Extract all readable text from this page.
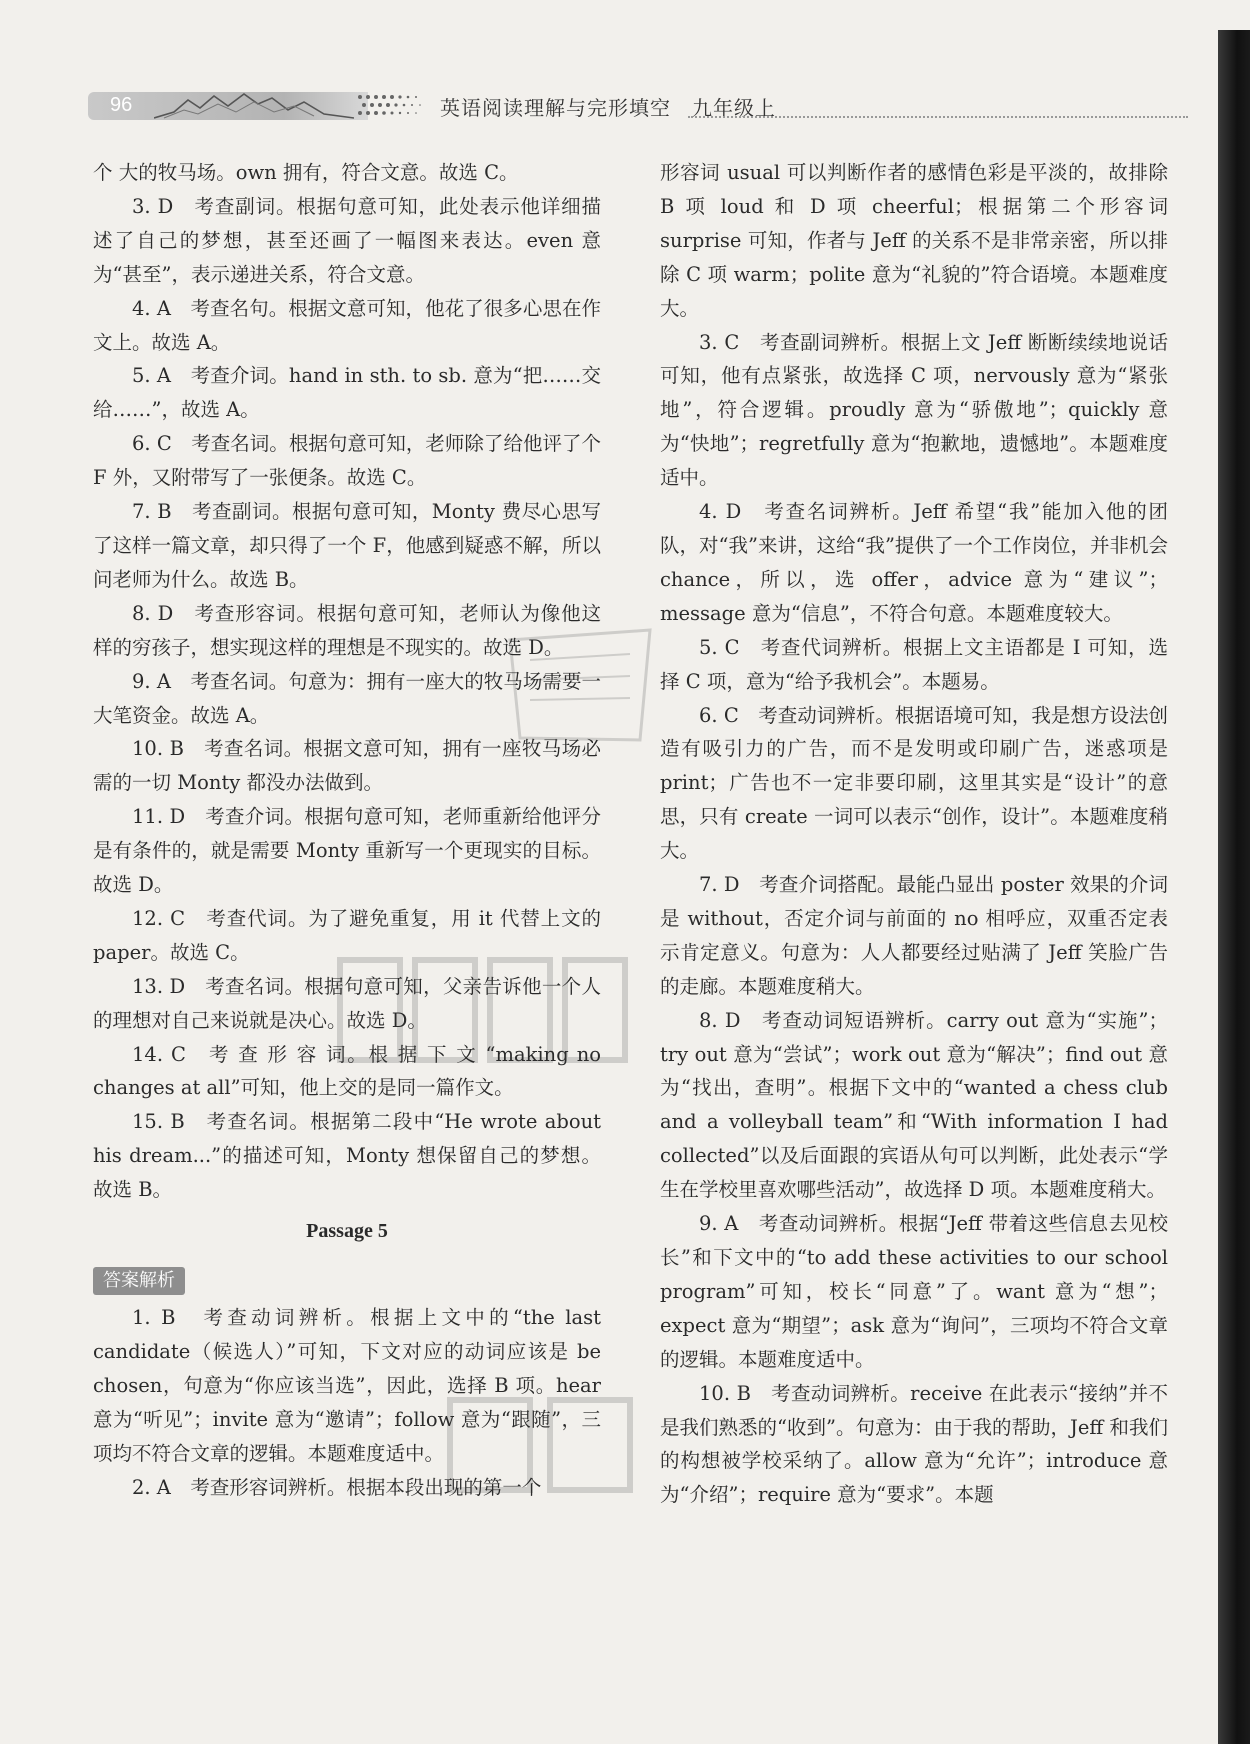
96	英语阅读理解与完形填空　九年级上

个 大的牧马场。own 拥有，符合文意。故选 C。

3. D　考查副词。根据句意可知，此处表示他详细描述了自己的梦想，甚至还画了一幅图来表达。even 意为“甚至”，表示递进关系，符合文意。

4. A　考查名句。根据文意可知，他花了很多心思在作文上。故选 A。

5. A　考查介词。hand in sth. to sb. 意为“把……交给……”，故选 A。

6. C　考查名词。根据句意可知，老师除了给他评了个 F 外，又附带写了一张便条。故选 C。

7. B　考查副词。根据句意可知，Monty 费尽心思写了这样一篇文章，却只得了一个 F，他感到疑惑不解，所以 问老师为什么。故选 B。

8. D　考查形容词。根据句意可知，老师认为像他这样的穷孩子，想实现这样的理想是不现实的。故选 D。

9. A　考查名词。句意为：拥有一座大的牧马场需要一大笔资金。故选 A。

10. B　考查名词。根据文意可知，拥有一座牧马场必需的一切 Monty 都没办法做到。

11. D　考查介词。根据句意可知，老师重新给他评分是有条件的，就是需要 Monty 重新写一个更现实的目标。故选 D。

12. C　考查代词。为了避免重复，用 it 代替上文的 paper。故选 C。

13. D　考查名词。根据句意可知，父亲告诉他一个人的理想对自己来说就是决心。故选 D。

14. C　考 查 形 容 词。根 据 下 文 “making no changes at all”可知，他上交的是同一篇作文。

15. B　考查名词。根据第二段中“He wrote about his dream...”的描述可知，Monty 想保留自己的梦想。故选 B。

Passage 5
答案解析

1. B　考查动词辨析。根据上文中的“the last candidate（候选人）”可知，下文对应的动词应该是 be chosen，句意为“你应该当选”，因此，选择 B 项。hear 意为“听见”；invite 意为“邀请”；follow 意为“跟随”，三项均不符合文章的逻辑。本题难度适中。

2. A　考查形容词辨析。根据本段出现的第一个

形容词 usual 可以判断作者的感情色彩是平淡的，故排除 B 项 loud 和 D 项 cheerful；根据第二个形容词 surprise 可知，作者与 Jeff 的关系不是非常亲密，所以排除 C 项 warm；polite 意为“礼貌的”符合语境。本题难度大。

3. C　考查副词辨析。根据上文 Jeff 断断续续地说话可知，他有点紧张，故选择 C 项，nervously 意为“紧张地”，符合逻辑。proudly 意为“骄傲地”；quickly 意为“快地”；regretfully 意为“抱歉地，遗憾地”。本题难度适中。

4. D　考查名词辨析。Jeff 希望“我”能加入他的团队，对“我”来讲，这给“我”提供了一个工作岗位，并非机会 chance，所以，选 offer，advice 意为“建议”；message 意为“信息”，不符合句意。本题难度较大。

5. C　考查代词辨析。根据上文主语都是 I 可知，选择 C 项，意为“给予我机会”。本题易。

6. C　考查动词辨析。根据语境可知，我是想方设法创造有吸引力的广告，而不是发明或印刷广告，迷惑项是 print；广告也不一定非要印刷，这里其实是“设计”的意思，只有 create 一词可以表示“创作，设计”。本题难度稍大。

7. D　考查介词搭配。最能凸显出 poster 效果的介词是 without，否定介词与前面的 no 相呼应，双重否定表示肯定意义。句意为：人人都要经过贴满了 Jeff 笑脸广告的走廊。本题难度稍大。

8. D　考查动词短语辨析。carry out 意为“实施”；try out 意为“尝试”；work out 意为“解决”；find out 意为“找出，查明”。根据下文中的“wanted a chess club and a volleyball team”和“With information I had collected”以及后面跟的宾语从句可以判断，此处表示“学生在学校里喜欢哪些活动”，故选择 D 项。本题难度稍大。

9. A　考查动词辨析。根据“Jeff 带着这些信息去见校长”和下文中的“to add these activities to our school program”可知，校长“同意”了。want 意为“想”；expect 意为“期望”；ask 意为“询问”，三项均不符合文章的逻辑。本题难度适中。

10. B　考查动词辨析。receive 在此表示“接纳”并不是我们熟悉的“收到”。句意为：由于我的帮助，Jeff 和我们的构想被学校采纳了。allow 意为“允许”；introduce 意为“介绍”；require 意为“要求”。本题
